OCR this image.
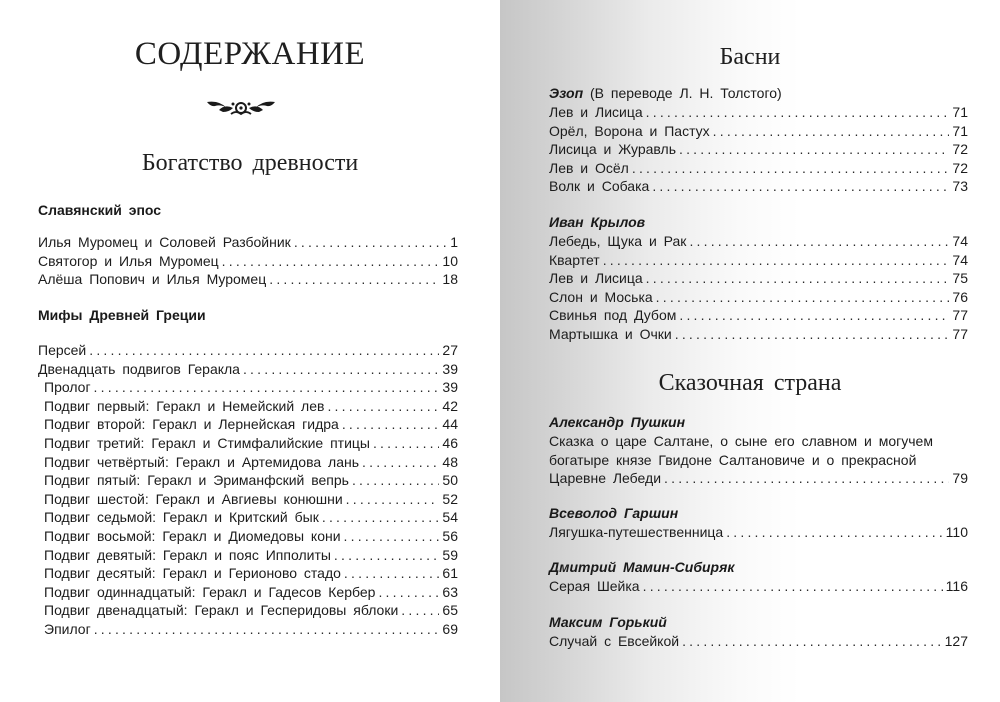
СОДЕРЖАНИЕ
Богатство древности
Славянский эпос
Илья Муромец и Соловей Разбойник .....	1
Святогор и Илья Муромец .....	10
Алёша Попович и Илья Муромец .....	18
Мифы Древней Греции
Персей .....	27
Двенадцать подвигов Геракла .....	39
Пролог .....	39
Подвиг первый: Геракл и Немейский лев .....	42
Подвиг второй: Геракл и Лернейская гидра .....	44
Подвиг третий: Геракл и Стимфалийские птицы .....	46
Подвиг четвёртый: Геракл и Артемидова лань .....	48
Подвиг пятый: Геракл и Эриманфский вепрь .....	50
Подвиг шестой: Геракл и Авгиевы конюшни .....	52
Подвиг седьмой: Геракл и Критский бык .....	54
Подвиг восьмой: Геракл и Диомедовы кони .....	56
Подвиг девятый: Геракл и пояс Ипполиты .....	59
Подвиг десятый: Геракл и Герионово стадо .....	61
Подвиг одиннадцатый: Геракл и Гадесов Кербер .....	63
Подвиг двенадцатый: Геракл и Гесперидовы яблоки .....	65
Эпилог .....	69
Басни
Эзоп (В переводе Л. Н. Толстого)
Лев и Лисица .....	71
Орёл, Ворона и Пастух .....	71
Лисица и Журавль .....	72
Лев и Осёл .....	72
Волк и Собака .....	73
Иван Крылов
Лебедь, Щука и Рак .....	74
Квартет .....	74
Лев и Лисица .....	75
Слон и Моська .....	76
Свинья под Дубом .....	77
Мартышка и Очки .....	77
Сказочная страна
Александр Пушкин
Сказка о царе Салтане, о сыне его славном и могучем
богатыре князе Гвидоне Салтановиче и о прекрасной
Царевне Лебеди .....	79
Всеволод Гаршин
Лягушка-путешественница .....	110
Дмитрий Мамин-Сибиряк
Серая Шейка .....	116
Максим Горький
Случай с Евсейкой .....	127
